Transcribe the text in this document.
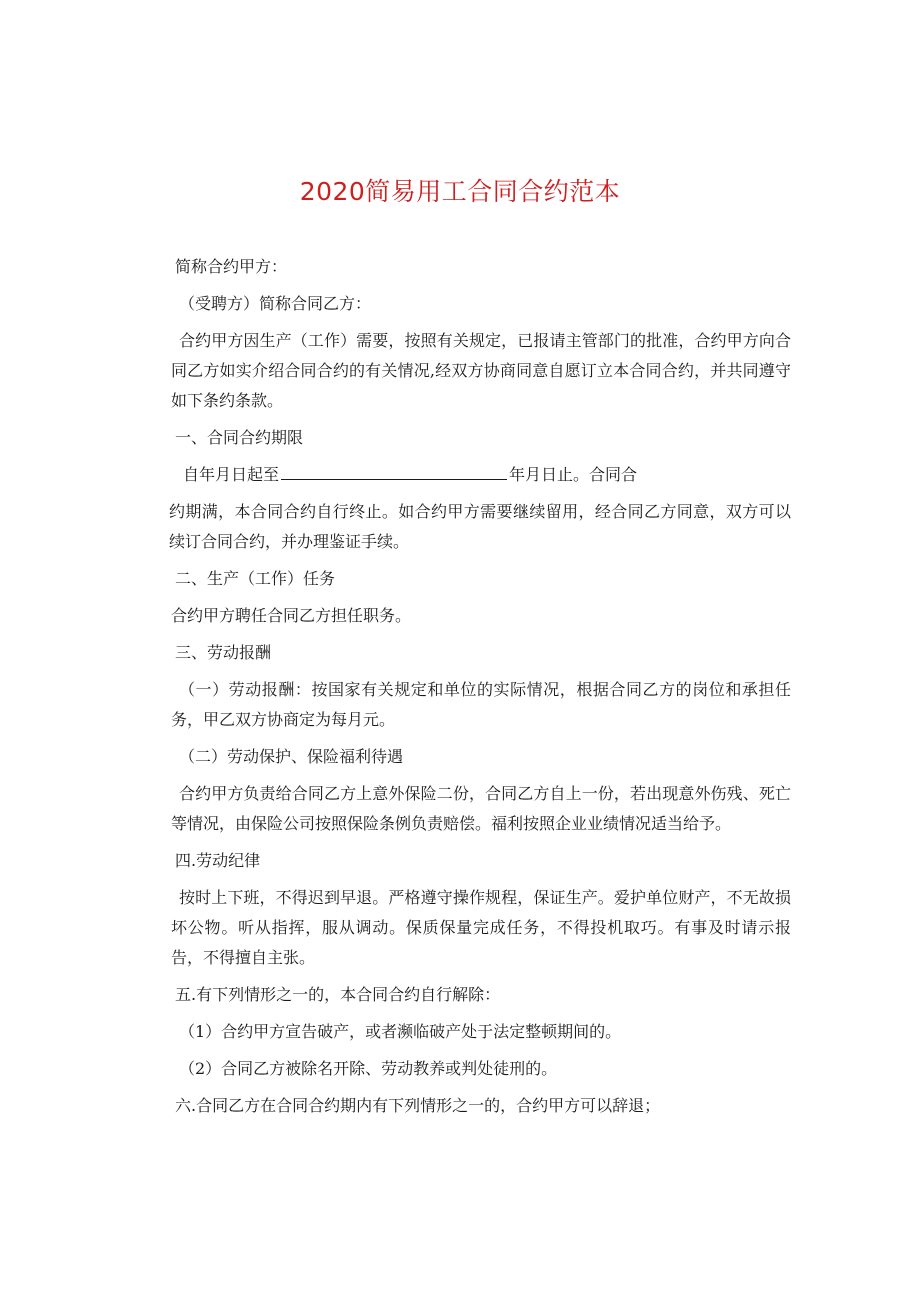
2020简易用工合同合约范本

简称合约甲方：

（受聘方）简称合同乙方：

合约甲方因生产（工作）需要，按照有关规定，已报请主管部门的批准，合约甲方向合同乙方如实介绍合同合约的有关情况,经双方协商同意自愿订立本合同合约，并共同遵守如下条约条款。

一、合同合约期限

自年月日起至	年月日止。合同合

约期满，本合同合约自行终止。如合约甲方需要继续留用，经合同乙方同意，双方可以续订合同合约，并办理鉴证手续。

二、生产（工作）任务

合约甲方聘任合同乙方担任职务。

三、劳动报酬

（一）劳动报酬：按国家有关规定和单位的实际情况，根据合同乙方的岗位和承担任务，甲乙双方协商定为每月元。

（二）劳动保护、保险福利待遇

合约甲方负责给合同乙方上意外保险二份，合同乙方自上一份，若出现意外伤残、死亡等情况，由保险公司按照保险条例负责赔偿。福利按照企业业绩情况适当给予。

四.劳动纪律

按时上下班，不得迟到早退。严格遵守操作规程，保证生产。爱护单位财产，不无故损坏公物。听从指挥，服从调动。保质保量完成任务，不得投机取巧。有事及时请示报告，不得擅自主张。

五.有下列情形之一的，本合同合约自行解除：

（1）合约甲方宣告破产，或者濒临破产处于法定整顿期间的。

（2）合同乙方被除名开除、劳动教养或判处徒刑的。

六.合同乙方在合同合约期内有下列情形之一的，合约甲方可以辞退；
